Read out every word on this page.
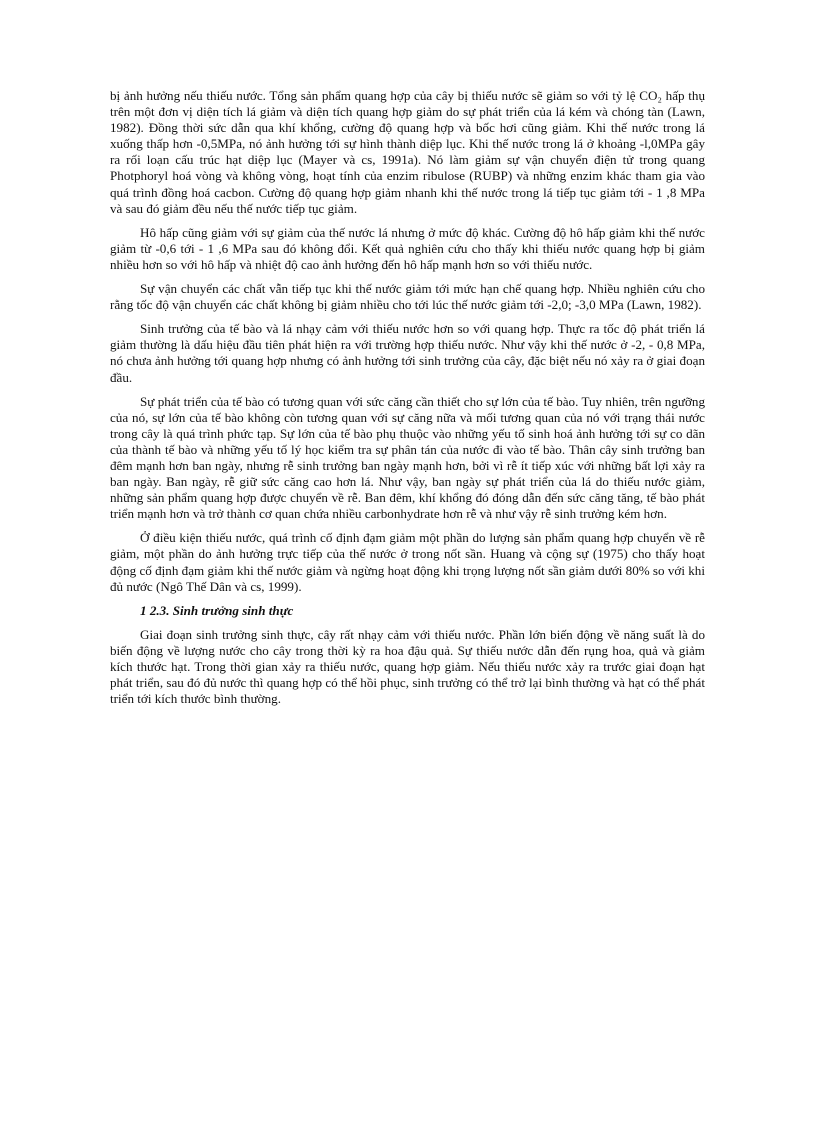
bị ảnh hưởng nếu thiếu nước. Tổng sản phẩm quang hợp của cây bị thiếu nước sẽ giảm so với tỷ lệ CO₂ hấp thụ trên một đơn vị diện tích lá giảm và diện tích quang hợp giảm do sự phát triển của lá kém và chóng tàn (Lawn, 1982). Đồng thời sức dẫn qua khí khổng, cường độ quang hợp và bốc hơi cũng giảm. Khi thế nước trong lá xuống thấp hơn -0,5MPa, nó ảnh hưởng tới sự hình thành diệp lục. Khi thế nước trong lá ở khoảng -l,0MPa gây ra rối loạn cấu trúc hạt diệp lục (Mayer và cs, 1991a). Nó làm giảm sự vận chuyển điện tử trong quang Photphoryl hoá vòng và không vòng, hoạt tính của enzim ribulose (RUBP) và những enzim khác tham gia vào quá trình đồng hoá cacbon. Cường độ quang hợp giảm nhanh khi thế nước trong lá tiếp tục giảm tới - 1 ,8 MPa và sau đó giảm đều nếu thế nước tiếp tục giảm.

Hô hấp cũng giảm với sự giảm của thế nước lá nhưng ở mức độ khác. Cường độ hô hấp giảm khi thế nước giảm từ -0,6 tới - 1 ,6 MPa sau đó không đổi. Kết quả nghiên cứu cho thấy khi thiếu nước quang hợp bị giảm nhiều hơn so với hô hấp và nhiệt độ cao ảnh hưởng đến hô hấp mạnh hơn so với thiếu nước.

Sự vận chuyển các chất vẫn tiếp tục khi thế nước giảm tới mức hạn chế quang hợp. Nhiều nghiên cứu cho rằng tốc độ vận chuyển các chất không bị giảm nhiều cho tới lúc thế nước giảm tới -2,0; -3,0 MPa (Lawn, 1982).

Sinh trưởng của tế bào và lá nhạy cảm với thiếu nước hơn so với quang hợp. Thực ra tốc độ phát triển lá giảm thường là dấu hiệu đầu tiên phát hiện ra với trường hợp thiếu nước. Như vậy khi thế nước ở -2, - 0,8 MPa, nó chưa ảnh hưởng tới quang hợp nhưng có ảnh hưởng tới sinh trưởng của cây, đặc biệt nếu nó xảy ra ở giai đoạn đầu.

Sự phát triển của tế bào có tương quan với sức căng cần thiết cho sự lớn của tế bào. Tuy nhiên, trên ngưỡng của nó, sự lớn của tế bào không còn tương quan với sự căng nữa và mối tương quan của nó với trạng thái nước trong cây là quá trình phức tạp. Sự lớn của tế bào phụ thuộc vào những yếu tố sinh hoá ảnh hưởng tới sự co dãn của thành tế bào và những yếu tố lý học kiểm tra sự phân tán của nước đi vào tế bào. Thân cây sinh trưởng ban đêm mạnh hơn ban ngày, nhưng rễ sinh trưởng ban ngày mạnh hơn, bởi vì rễ ít tiếp xúc với những bất lợi xảy ra ban ngày. Ban ngày, rễ giữ sức căng cao hơn lá. Như vậy, ban ngày sự phát triển của lá do thiếu nước giảm, những sản phẩm quang hợp được chuyển về rễ. Ban đêm, khí khổng đó đóng dẫn đến sức căng tăng, tế bào phát triển mạnh hơn và trở thành cơ quan chứa nhiều carbonhydrate hơn rễ và như vậy rễ sinh trưởng kém hơn.

Ở điều kiện thiếu nước, quá trình cố định đạm giảm một phần do lượng sản phẩm quang hợp chuyển về rễ giảm, một phần do ảnh hưởng trực tiếp của thế nước ở trong nốt sần. Huang và cộng sự (1975) cho thấy hoạt động cố định đạm giảm khi thế nước giảm và ngừng hoạt động khi trọng lượng nốt sần giảm dưới 80% so với khi đủ nước (Ngô Thế Dân và cs, 1999).

1 2.3. Sinh trưởng sinh thực

Giai đoạn sinh trưởng sinh thực, cây rất nhạy cảm với thiếu nước. Phần lớn biến động về năng suất là do biến động về lượng nước cho cây trong thời kỳ ra hoa đậu quả. Sự thiếu nước dẫn đến rụng hoa, quả và giảm kích thước hạt. Trong thời gian xảy ra thiếu nước, quang hợp giảm. Nếu thiếu nước xảy ra trước giai đoạn hạt phát triển, sau đó đủ nước thì quang hợp có thể hồi phục, sinh trưởng có thể trở lại bình thường và hạt có thể phát triển tới kích thước bình thường.
